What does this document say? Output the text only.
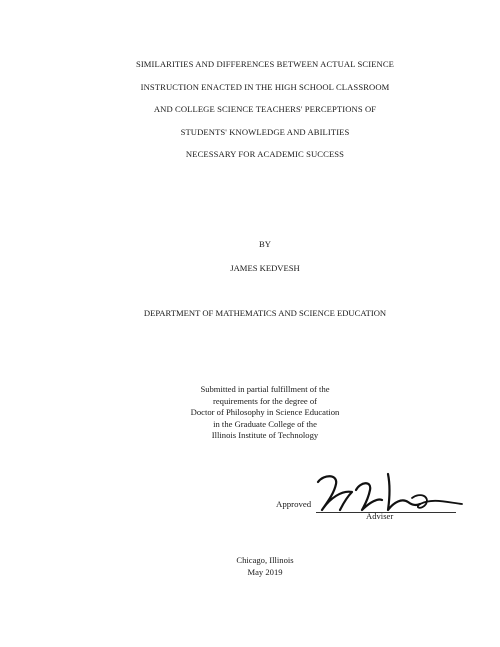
SIMILARITIES AND DIFFERENCES BETWEEN ACTUAL SCIENCE
INSTRUCTION ENACTED IN THE HIGH SCHOOL CLASSROOM
AND COLLEGE SCIENCE TEACHERS' PERCEPTIONS OF
STUDENTS' KNOWLEDGE AND ABILITIES
NECESSARY FOR ACADEMIC SUCCESS
BY
JAMES KEDVESH
DEPARTMENT OF MATHEMATICS AND SCIENCE EDUCATION
Submitted in partial fulfillment of the
requirements for the degree of
Doctor of Philosophy in Science Education
in the Graduate College of the
Illinois Institute of Technology
Approved
Adviser
Chicago, Illinois
May 2019
